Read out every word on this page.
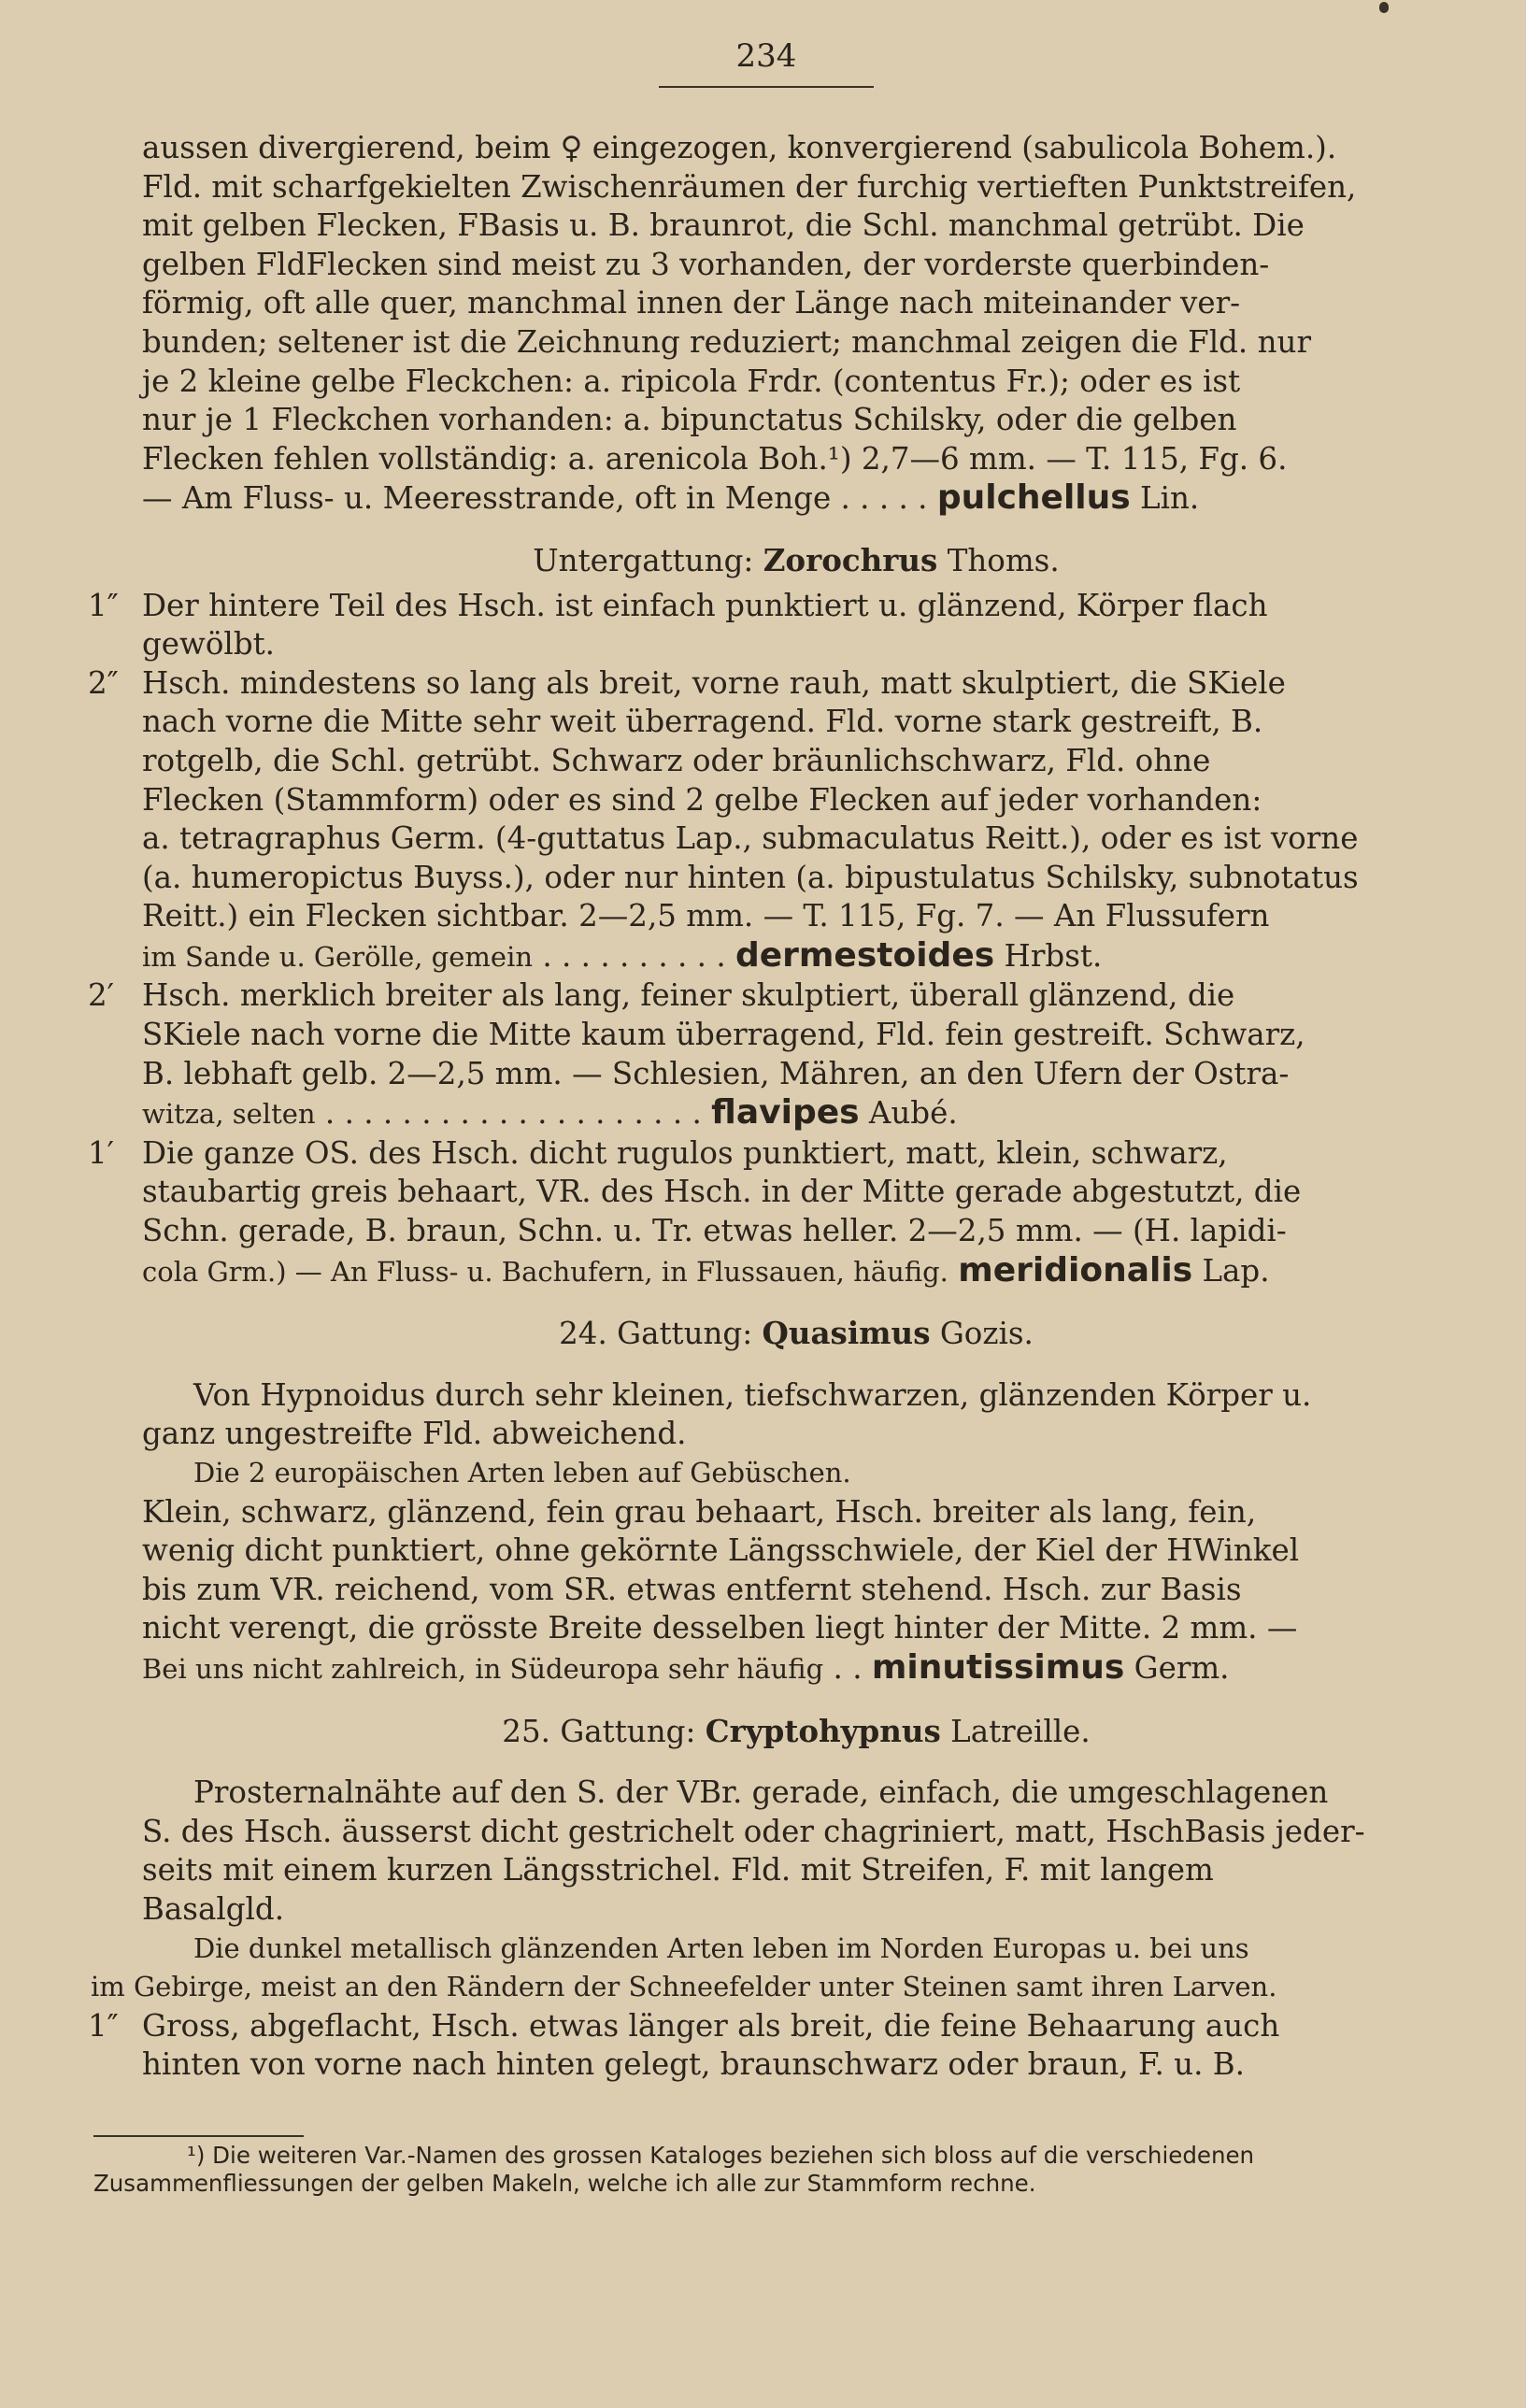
234

aussen divergierend, beim ♀ eingezogen, konvergierend (sabulicola Bohem.).

Fld. mit scharfgekielten Zwischenräumen der furchig vertieften Punktstreifen,

mit gelben Flecken, FBasis u. B. braunrot, die Schl. manchmal getrübt. Die

gelben FldFlecken sind meist zu 3 vorhanden, der vorderste querbinden-

förmig, oft alle quer, manchmal innen der Länge nach miteinander ver-

bunden; seltener ist die Zeichnung reduziert; manchmal zeigen die Fld. nur

je 2 kleine gelbe Fleckchen: a. ripicola Frdr. (contentus Fr.); oder es ist

nur je 1 Fleckchen vorhanden: a. bipunctatus Schilsky, oder die gelben

Flecken fehlen vollständig: a. arenicola Boh.¹) 2,7—6 mm. — T. 115, Fg. 6.

— Am Fluss- u. Meeresstrande, oft in Menge . . . . . pulchellus Lin.

Untergattung: Zorochrus Thoms.

1″ Der hintere Teil des Hsch. ist einfach punktiert u. glänzend, Körper flach

gewölbt.

2″ Hsch. mindestens so lang als breit, vorne rauh, matt skulptiert, die SKiele

nach vorne die Mitte sehr weit überragend. Fld. vorne stark gestreift, B.

rotgelb, die Schl. getrübt. Schwarz oder bräunlichschwarz, Fld. ohne

Flecken (Stammform) oder es sind 2 gelbe Flecken auf jeder vorhanden:

a. tetragraphus Germ. (4-guttatus Lap., submaculatus Reitt.), oder es ist vorne

(a. humeropictus Buyss.), oder nur hinten (a. bipustulatus Schilsky, subnotatus

Reitt.) ein Flecken sichtbar. 2—2,5 mm. — T. 115, Fg. 7. — An Flussufern

im Sande u. Gerölle, gemein . . . . . . . . . . dermestoides Hrbst.

2′ Hsch. merklich breiter als lang, feiner skulptiert, überall glänzend, die

SKiele nach vorne die Mitte kaum überragend, Fld. fein gestreift. Schwarz,

B. lebhaft gelb. 2—2,5 mm. — Schlesien, Mähren, an den Ufern der Ostra-

witza, selten . . . . . . . . . . . . . . . . . . . . flavipes Aubé.

1′ Die ganze OS. des Hsch. dicht rugulos punktiert, matt, klein, schwarz,

staubartig greis behaart, VR. des Hsch. in der Mitte gerade abgestutzt, die

Schn. gerade, B. braun, Schn. u. Tr. etwas heller. 2—2,5 mm. — (H. lapidi-

cola Grm.) — An Fluss- u. Bachufern, in Flussauen, häufig. meridionalis Lap.

24. Gattung: Quasimus Gozis.

Von Hypnoidus durch sehr kleinen, tiefschwarzen, glänzenden Körper u.

ganz ungestreifte Fld. abweichend.

Die 2 europäischen Arten leben auf Gebüschen.

Klein, schwarz, glänzend, fein grau behaart, Hsch. breiter als lang, fein,

wenig dicht punktiert, ohne gekörnte Längsschwiele, der Kiel der HWinkel

bis zum VR. reichend, vom SR. etwas entfernt stehend. Hsch. zur Basis

nicht verengt, die grösste Breite desselben liegt hinter der Mitte. 2 mm. —

Bei uns nicht zahlreich, in Südeuropa sehr häufig . . minutissimus Germ.

25. Gattung: Cryptohypnus Latreille.

Prosternalnähte auf den S. der VBr. gerade, einfach, die umgeschlagenen

S. des Hsch. äusserst dicht gestrichelt oder chagriniert, matt, HschBasis jeder-

seits mit einem kurzen Längsstrichel. Fld. mit Streifen, F. mit langem

Basalgld.

Die dunkel metallisch glänzenden Arten leben im Norden Europas u. bei uns

im Gebirge, meist an den Rändern der Schneefelder unter Steinen samt ihren Larven.

1″ Gross, abgeflacht, Hsch. etwas länger als breit, die feine Behaarung auch

hinten von vorne nach hinten gelegt, braunschwarz oder braun, F. u. B.

¹) Die weiteren Var.-Namen des grossen Kataloges beziehen sich bloss auf die verschiedenen

Zusammenfliessungen der gelben Makeln, welche ich alle zur Stammform rechne.
